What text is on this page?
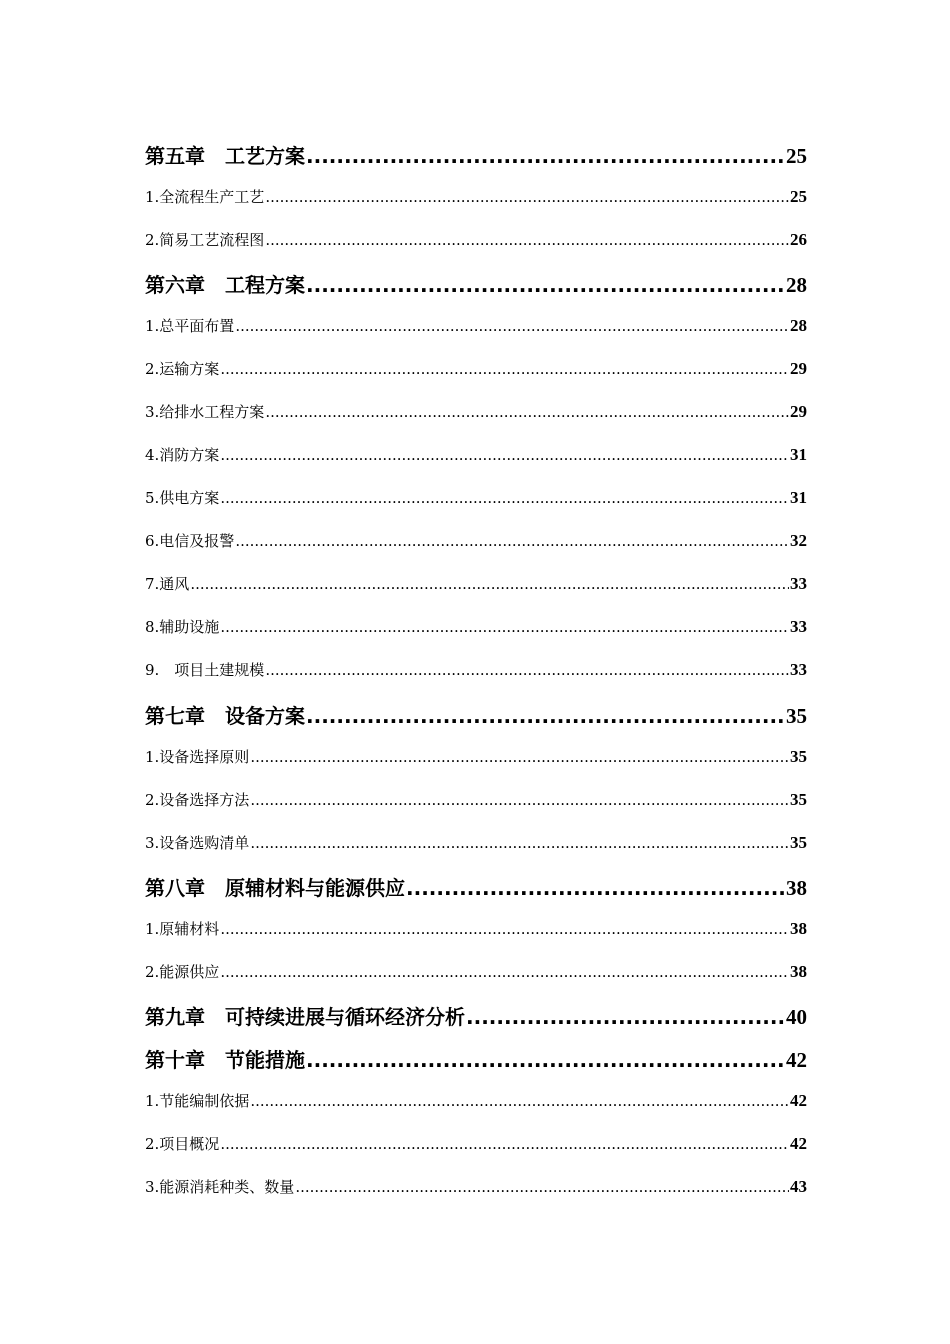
第五章　工艺方案 .....	25
1.全流程生产工艺 .....	25
2.简易工艺流程图 .....	26
第六章　工程方案 .....	28
1.总平面布置 .....	28
2.运输方案 .....	29
3.给排水工程方案 .....	29
4.消防方案 .....	31
5.供电方案 .....	31
6.电信及报警 .....	32
7.通风 .....	33
8.辅助设施 .....	33
9.　项目土建规模 .....	33
第七章　设备方案 .....	35
1.设备选择原则 .....	35
2.设备选择方法 .....	35
3.设备选购清单 .....	35
第八章　原辅材料与能源供应 .....	38
1.原辅材料 .....	38
2.能源供应 .....	38
第九章　可持续进展与循环经济分析 .....	40
第十章　节能措施 .....	42
1.节能编制依据 .....	42
2.项目概况 .....	42
3.能源消耗种类、数量 .....	43
